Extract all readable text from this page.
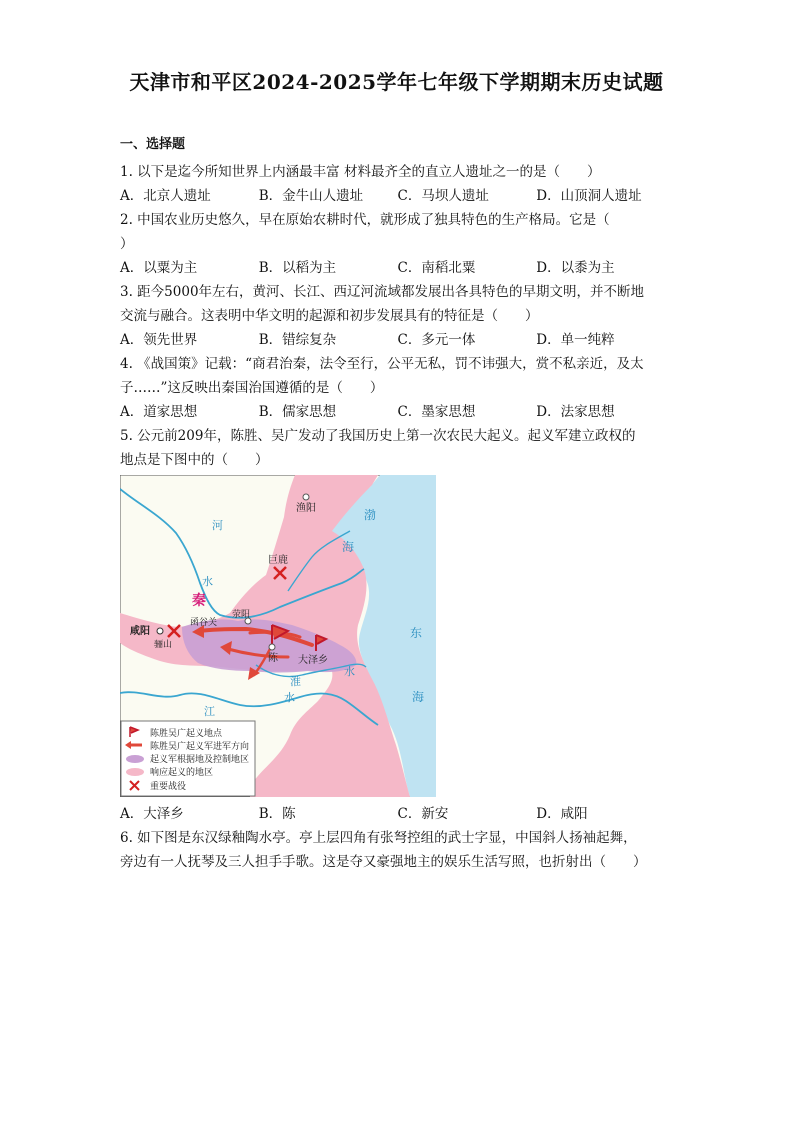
天津市和平区2024-2025学年七年级下学期期末历史试题
一、选择题
1. 以下是迄今所知世界上内涵最丰富 材料最齐全的直立人遗址之一的是（　　）
A．北京人遗址	B．金牛山人遗址	C．马坝人遗址	D．山顶洞人遗址
2. 中国农业历史悠久，早在原始农耕时代，就形成了独具特色的生产格局。它是（
）
A．以粟为主	B．以稻为主	C．南稻北粟	D．以黍为主
3. 距今5000年左右，黄河、长江、西辽河流域都发展出各具特色的早期文明，并不断地
交流与融合。这表明中华文明的起源和初步发展具有的特征是（　　）
A．领先世界	B．错综复杂	C．多元一体	D．单一纯粹
4. 《战国策》记载：“商君治秦，法令至行，公平无私，罚不讳强大，赏不私亲近，及太
子……”这反映出秦国治国遵循的是（　　）
A．道家思想	B．儒家思想	C．墨家思想	D．法家思想
5. 公元前209年，陈胜、吴广发动了我国历史上第一次农民大起义。起义军建立政权的
地点是下图中的（　　）
渔阳
巨鹿
秦
咸阳
骊山
函谷关
荥阳
陈 大泽乡
河
水
江
水
淮
水
渤
海
东
海
陈胜吴广起义地点
陈胜吴广起义军进军方向
起义军根据地及控制地区
响应起义的地区
重要战役
A．大泽乡	B．陈	C．新安	D．咸阳
6. 如下图是东汉绿釉陶水亭。亭上层四角有张弩控组的武士字显，中国斜人扬袖起舞，
旁边有一人抚琴及三人担手手歌。这是夺又豪强地主的娱乐生活写照，也折射出（　　）
